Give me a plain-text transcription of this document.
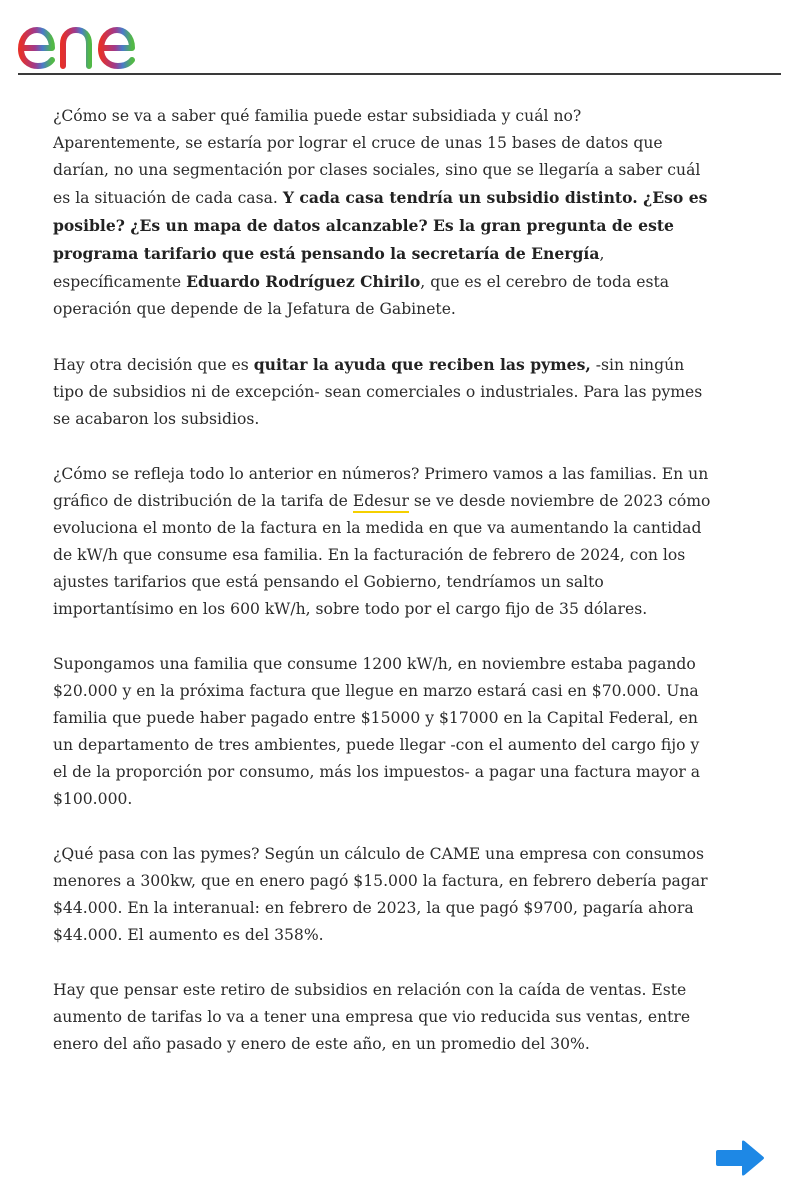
¿Cómo se va a saber qué familia puede estar subsidiada y cuál no? Aparentemente, se estaría por lograr el cruce de unas 15 bases de datos que darían, no una segmentación por clases sociales, sino que se llegaría a saber cuál es la situación de cada casa. Y cada casa tendría un subsidio distinto. ¿Eso es posible? ¿Es un mapa de datos alcanzable? Es la gran pregunta de este programa tarifario que está pensando la secretaría de Energía, específicamente Eduardo Rodríguez Chirilo, que es el cerebro de toda esta operación que depende de la Jefatura de Gabinete.

Hay otra decisión que es quitar la ayuda que reciben las pymes, -sin ningún tipo de subsidios ni de excepción- sean comerciales o industriales. Para las pymes se acabaron los subsidios.

¿Cómo se refleja todo lo anterior en números? Primero vamos a las familias. En un gráfico de distribución de la tarifa de Edesur se ve desde noviembre de 2023 cómo evoluciona el monto de la factura en la medida en que va aumentando la cantidad de kW/h que consume esa familia. En la facturación de febrero de 2024, con los ajustes tarifarios que está pensando el Gobierno, tendríamos un salto importantísimo en los 600 kW/h, sobre todo por el cargo fijo de 35 dólares.

Supongamos una familia que consume 1200 kW/h, en noviembre estaba pagando $20.000 y en la próxima factura que llegue en marzo estará casi en $70.000. Una familia que puede haber pagado entre $15000 y $17000 en la Capital Federal, en un departamento de tres ambientes, puede llegar -con el aumento del cargo fijo y el de la proporción por consumo, más los impuestos- a pagar una factura mayor a $100.000.

¿Qué pasa con las pymes? Según un cálculo de CAME una empresa con consumos menores a 300kw, que en enero pagó $15.000 la factura, en febrero debería pagar $44.000. En la interanual: en febrero de 2023, la que pagó $9700, pagaría ahora $44.000. El aumento es del 358%.

Hay que pensar este retiro de subsidios en relación con la caída de ventas. Este aumento de tarifas lo va a tener una empresa que vio reducida sus ventas, entre enero del año pasado y enero de este año, en un promedio del 30%.
